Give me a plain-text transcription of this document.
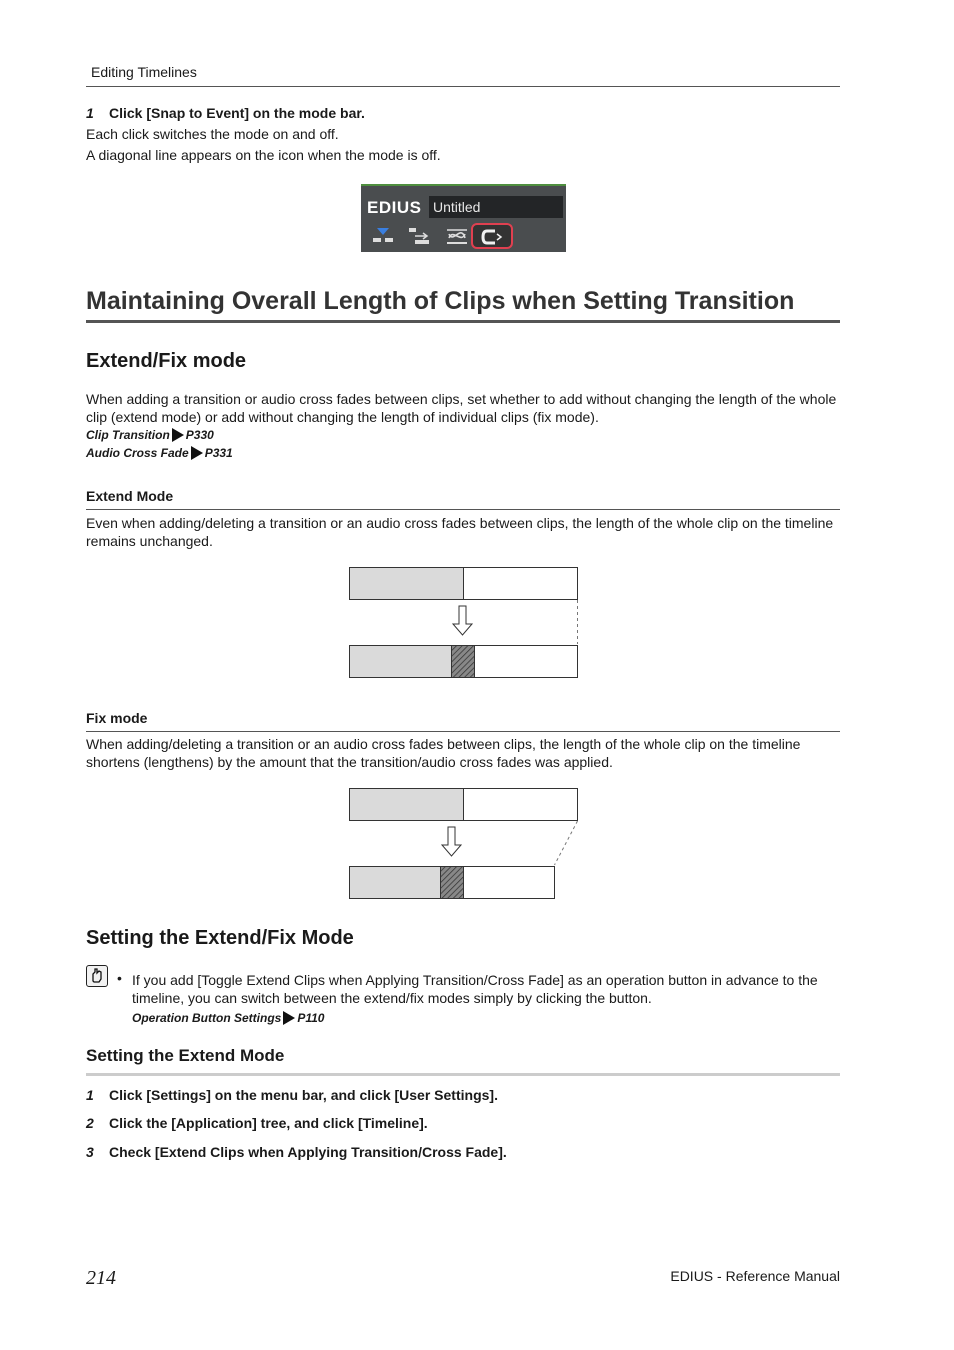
Editing Timelines
1 Click [Snap to Event] on the mode bar.
Each click switches the mode on and off.
A diagonal line appears on the icon when the mode is off.
EDIUS Untitled
Maintaining Overall Length of Clips when Setting Transition
Extend/Fix mode
When adding a transition or audio cross fades between clips, set whether to add without changing the length of the whole clip (extend mode) or add without changing the length of individual clips (fix mode).
Clip Transition P330
Audio Cross Fade P331
Extend Mode
Even when adding/deleting a transition or an audio cross fades between clips, the length of the whole clip on the timeline remains unchanged.
Fix mode
When adding/deleting a transition or an audio cross fades between clips, the length of the whole clip on the timeline shortens (lengthens) by the amount that the transition/audio cross fades was applied.
Setting the Extend/Fix Mode
• If you add [Toggle Extend Clips when Applying Transition/Cross Fade] as an operation button in advance to the timeline, you can switch between the extend/fix modes simply by clicking the button.
Operation Button Settings P110
Setting the Extend Mode
1 Click [Settings] on the menu bar, and click [User Settings].
2 Click the [Application] tree, and click [Timeline].
3 Check [Extend Clips when Applying Transition/Cross Fade].
214	EDIUS - Reference Manual
